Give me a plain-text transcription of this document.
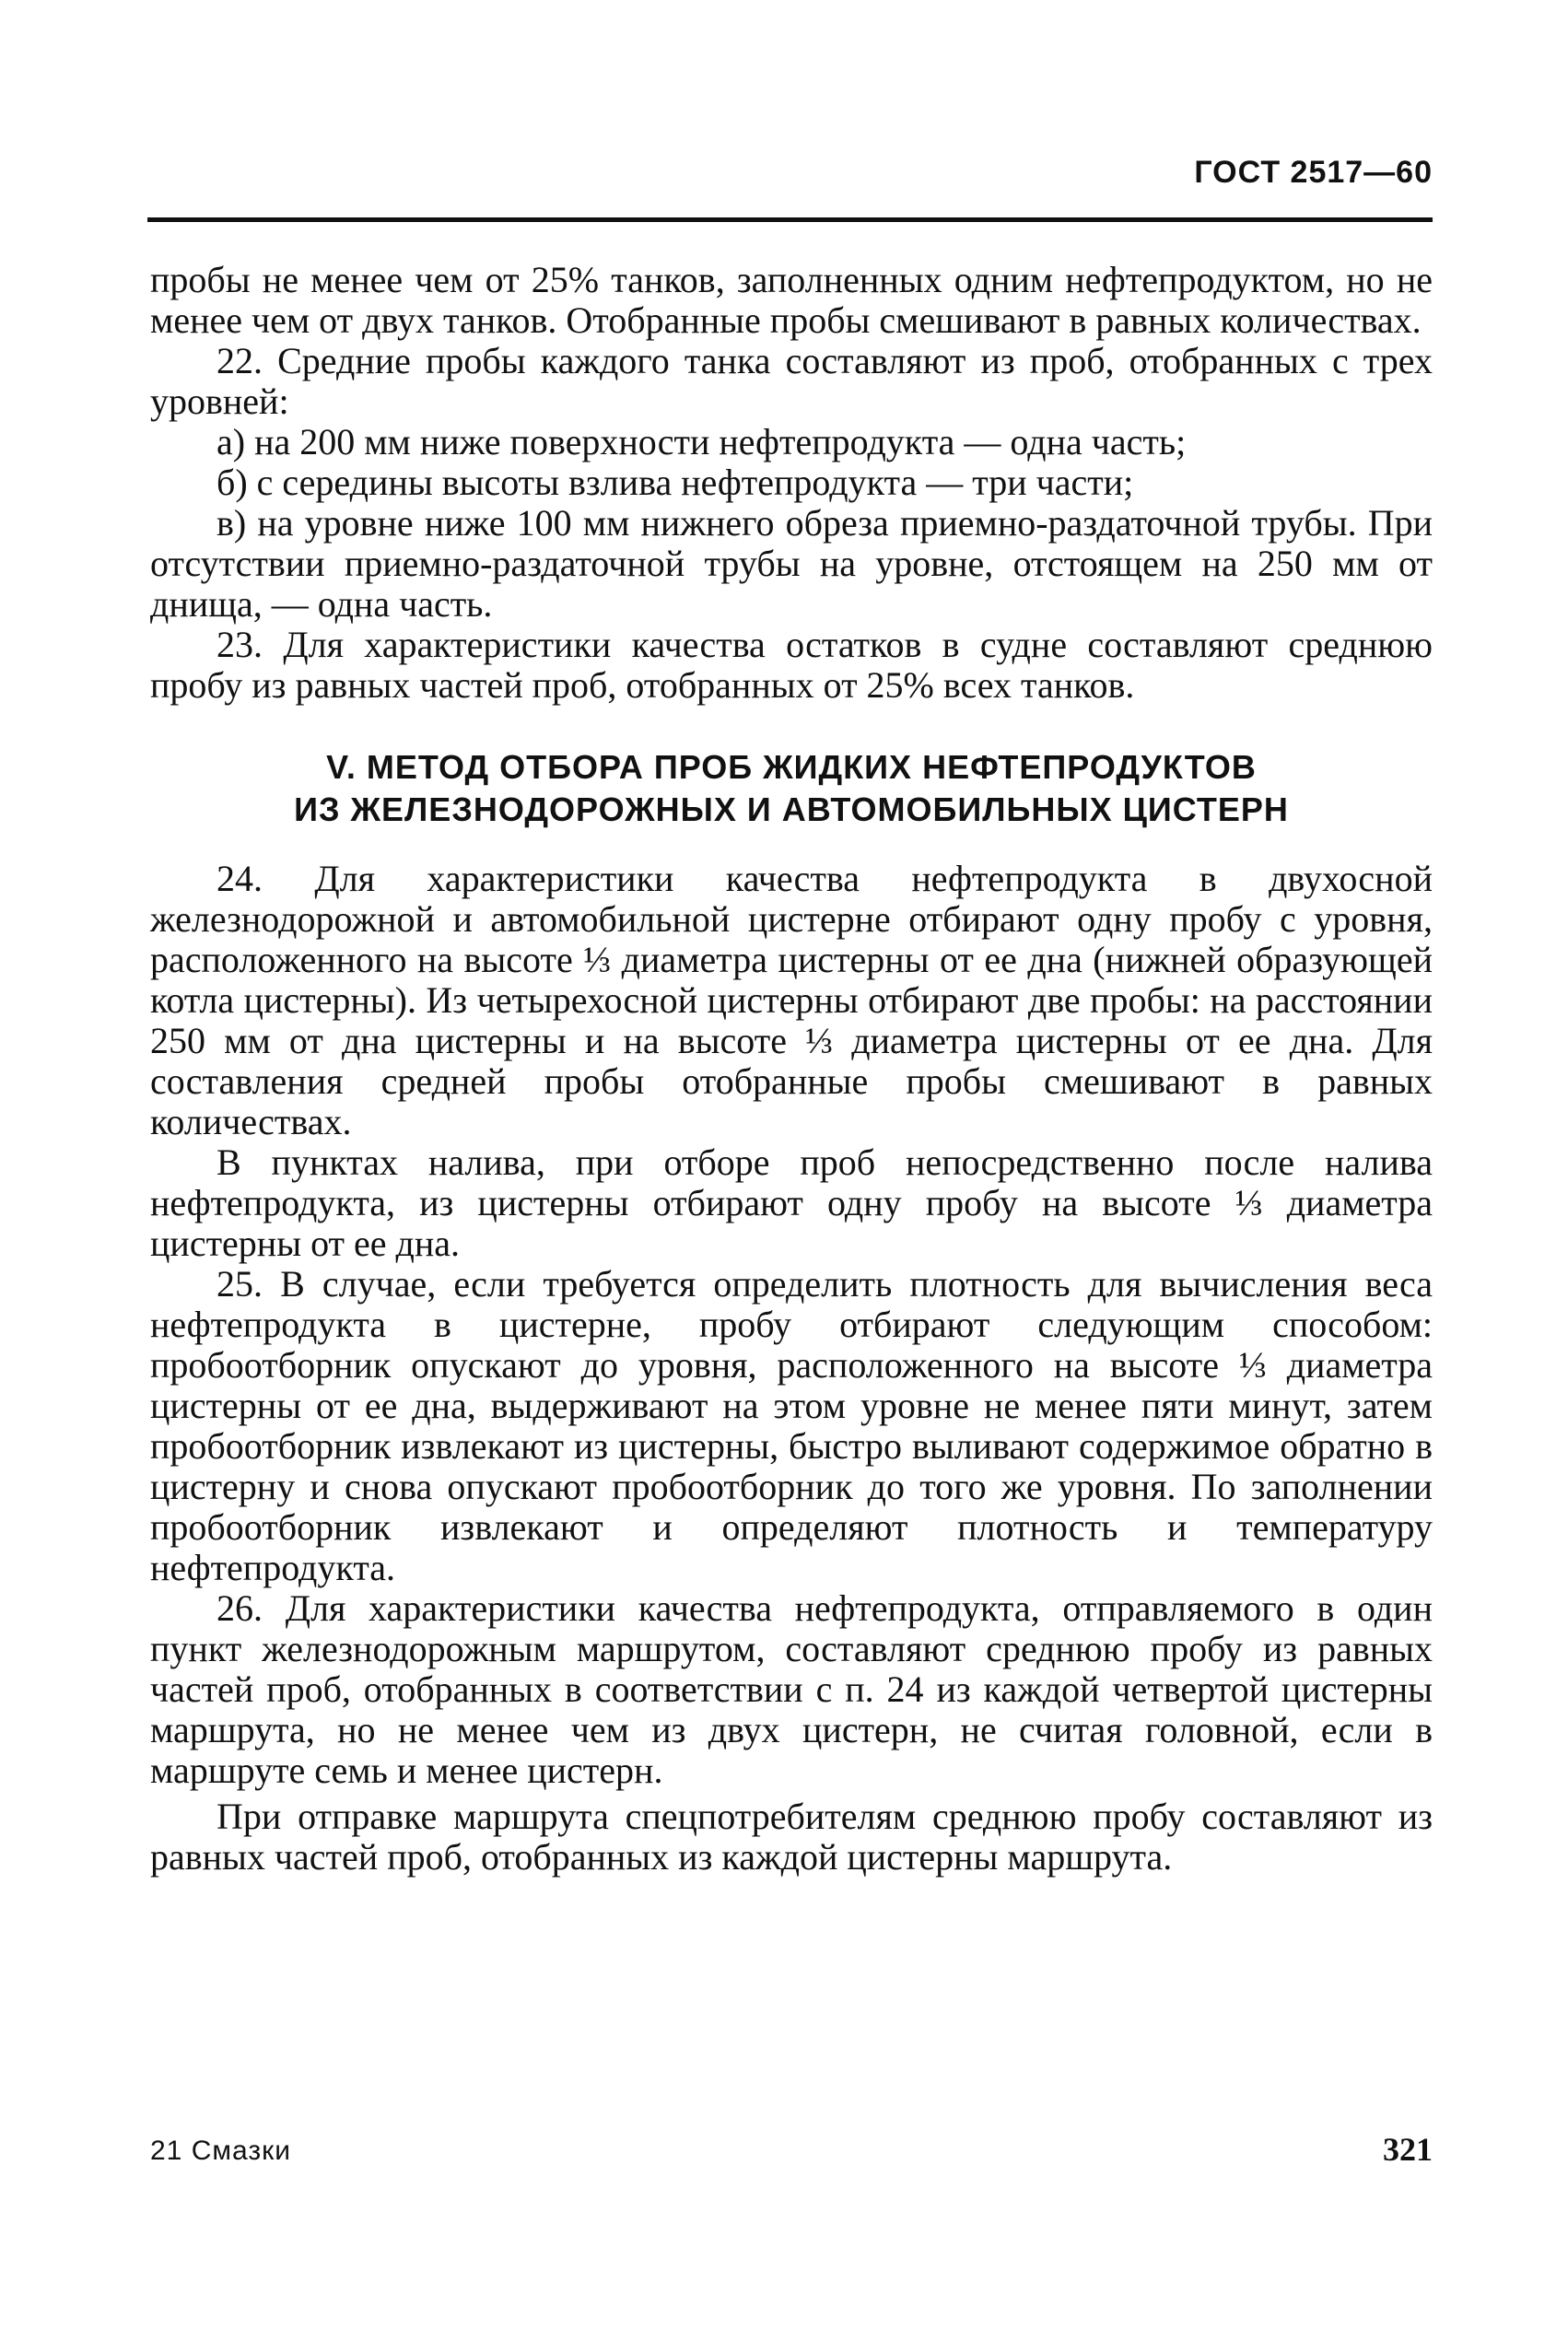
ГОСТ 2517—60

пробы не менее чем от 25% танков, заполненных одним нефтепродуктом, но не менее чем от двух танков. Отобранные пробы смешивают в равных количествах.

22. Средние пробы каждого танка составляют из проб, отобранных с трех уровней:

а) на 200 мм ниже поверхности нефтепродукта — одна часть;

б) с середины высоты взлива нефтепродукта — три части;

в) на уровне ниже 100 мм нижнего обреза приемно-раздаточной трубы. При отсутствии приемно-раздаточной трубы на уровне, отстоящем на 250 мм от днища, — одна часть.

23. Для характеристики качества остатков в судне составляют среднюю пробу из равных частей проб, отобранных от 25% всех танков.

V. МЕТОД ОТБОРА ПРОБ ЖИДКИХ НЕФТЕПРОДУКТОВ
ИЗ ЖЕЛЕЗНОДОРОЖНЫХ И АВТОМОБИЛЬНЫХ ЦИСТЕРН

24. Для характеристики качества нефтепродукта в двухосной железнодорожной и автомобильной цистерне отбирают одну пробу с уровня, расположенного на высоте ⅓ диаметра цистерны от ее дна (нижней образующей котла цистерны). Из четырехосной цистерны отбирают две пробы: на расстоянии 250 мм от дна цистерны и на высоте ⅓ диаметра цистерны от ее дна. Для составления средней пробы отобранные пробы смешивают в равных количествах.

В пунктах налива, при отборе проб непосредственно после налива нефтепродукта, из цистерны отбирают одну пробу на высоте ⅓ диаметра цистерны от ее дна.

25. В случае, если требуется определить плотность для вычисления веса нефтепродукта в цистерне, пробу отбирают следующим способом: пробоотборник опускают до уровня, расположенного на высоте ⅓ диаметра цистерны от ее дна, выдерживают на этом уровне не менее пяти минут, затем пробоотборник извлекают из цистерны, быстро выливают содержимое обратно в цистерну и снова опускают пробоотборник до того же уровня. По заполнении пробоотборник извлекают и определяют плотность и температуру нефтепродукта.

26. Для характеристики качества нефтепродукта, отправляемого в один пункт железнодорожным маршрутом, составляют среднюю пробу из равных частей проб, отобранных в соответствии с п. 24 из каждой четвертой цистерны маршрута, но не менее чем из двух цистерн, не считая головной, если в маршруте семь и менее цистерн.

При отправке маршрута спецпотребителям среднюю пробу составляют из равных частей проб, отобранных из каждой цистерны маршрута.

21 Смазки	321
